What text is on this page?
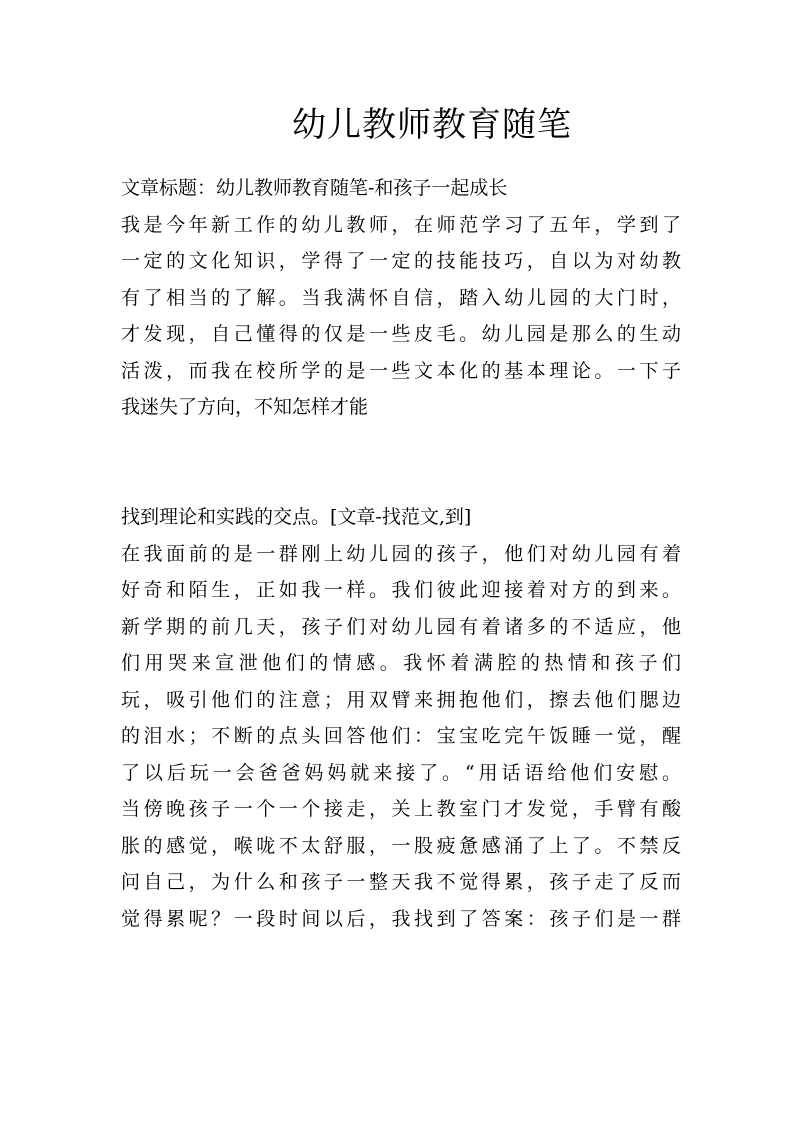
幼儿教师教育随笔
文章标题：幼儿教师教育随笔-和孩子一起成长
我是今年新工作的幼儿教师，在师范学习了五年，学到了
一定的文化知识，学得了一定的技能技巧，自以为对幼教
有了相当的了解。当我满怀自信，踏入幼儿园的大门时，
才发现，自己懂得的仅是一些皮毛。幼儿园是那么的生动
活泼，而我在校所学的是一些文本化的基本理论。一下子
我迷失了方向，不知怎样才能
找到理论和实践的交点。[文章-找范文,到]
在我面前的是一群刚上幼儿园的孩子，他们对幼儿园有着
好奇和陌生，正如我一样。我们彼此迎接着对方的到来。
新学期的前几天，孩子们对幼儿园有着诸多的不适应，他
们用哭来宣泄他们的情感。我怀着满腔的热情和孩子们
玩，吸引他们的注意；用双臂来拥抱他们，擦去他们腮边
的泪水；不断的点头回答他们：宝宝吃完午饭睡一觉，醒
了以后玩一会爸爸妈妈就来接了。“用话语给他们安慰。
当傍晚孩子一个一个接走，关上教室门才发觉，手臂有酸
胀的感觉，喉咙不太舒服，一股疲惫感涌了上了。不禁反
问自己，为什么和孩子一整天我不觉得累，孩子走了反而
觉得累呢？一段时间以后，我找到了答案：孩子们是一群
